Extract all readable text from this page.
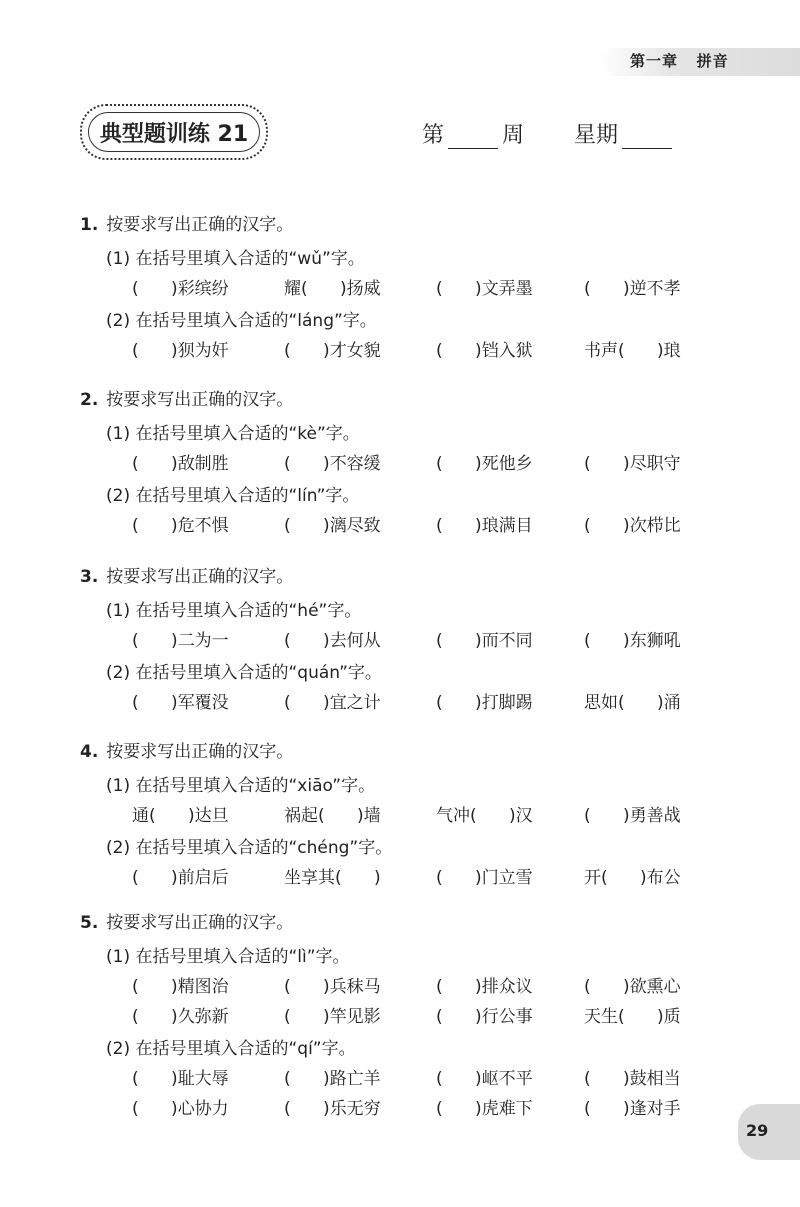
第一章   拼音
典型题训练 21	第	周 星期
1. 按要求写出正确的汉字。
(1) 在括号里填入合适的“wǔ”字。
(      )彩缤纷	耀(      )扬威	(      )文弄墨	(      )逆不孝
(2) 在括号里填入合适的“láng”字。
(      )狈为奸	(      )才女貌	(      )铛入狱	书声(      )琅
2. 按要求写出正确的汉字。
(1) 在括号里填入合适的“kè”字。
(      )敌制胜	(      )不容缓	(      )死他乡	(      )尽职守
(2) 在括号里填入合适的“lín”字。
(      )危不惧	(      )漓尽致	(      )琅满目	(      )次栉比
3. 按要求写出正确的汉字。
(1) 在括号里填入合适的“hé”字。
(      )二为一	(      )去何从	(      )而不同	(      )东狮吼
(2) 在括号里填入合适的“quán”字。
(      )军覆没	(      )宜之计	(      )打脚踢	思如(      )涌
4. 按要求写出正确的汉字。
(1) 在括号里填入合适的“xiāo”字。
通(      )达旦	祸起(      )墙	气冲(      )汉	(      )勇善战
(2) 在括号里填入合适的“chéng”字。
(      )前启后	坐享其(      )	(      )门立雪	开(      )布公
5. 按要求写出正确的汉字。
(1) 在括号里填入合适的“lì”字。
(      )精图治	(      )兵秣马	(      )排众议	(      )欲熏心
(      )久弥新	(      )竿见影	(      )行公事	天生(      )质
(2) 在括号里填入合适的“qí”字。
(      )耻大辱	(      )路亡羊	(      )岖不平	(      )鼓相当
(      )心协力	(      )乐无穷	(      )虎难下	(      )逢对手
29
